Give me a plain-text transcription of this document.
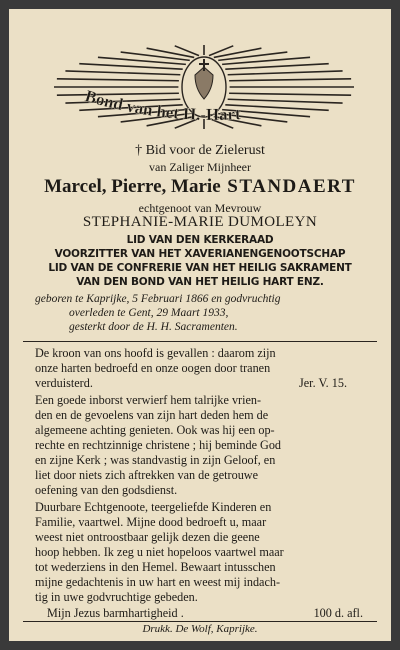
Bond van het H.-Hart
† Bid voor de Zielerust
van Zaliger Mijnheer
Marcel, Pierre, Marie STANDAERT
echtgenoot van Mevrouw
STEPHANIE-MARIE DUMOLEYN
LID VAN DEN KERKERAAD
VOORZITTER VAN HET XAVERIANENGENOOTSCHAP
LID VAN DE CONFRERIE VAN HET HEILIG SAKRAMENT
VAN DEN BOND VAN HET HEILIG HART ENZ.
geboren te Kaprijke, 5 Februari 1866 en godvruchtig
overleden te Gent, 29 Maart 1933,
gesterkt door de H. H. Sacramenten.
De kroon van ons hoofd is gevallen : daarom zijn
onze harten bedroefd en onze oogen door tranen
verduisterd.	Jer. V. 15.
Een goede inborst verwierf hem talrijke vrien-
den en de gevoelens van zijn hart deden hem de
algemeene achting genieten. Ook was hij een op-
rechte en rechtzinnige christene ; hij beminde God
en zijne Kerk ; was standvastig in zijn Geloof, en
liet door niets zich aftrekken van de getrouwe
oefening van den godsdienst.
Duurbare Echtgenoote, teergeliefde Kinderen en
Familie, vaartwel. Mijne dood bedroeft u, maar
weest niet ontroostbaar gelijk dezen die geene
hoop hebben. Ik zeg u niet hopeloos vaartwel maar
tot wederziens in den Hemel. Bewaart intusschen
mijne gedachtenis in uw hart en weest mij indach-
tig in uwe godvruchtige gebeden.
Mijn Jezus barmhartigheid .	100 d. afl.
Drukk. De Wolf, Kaprijke.
